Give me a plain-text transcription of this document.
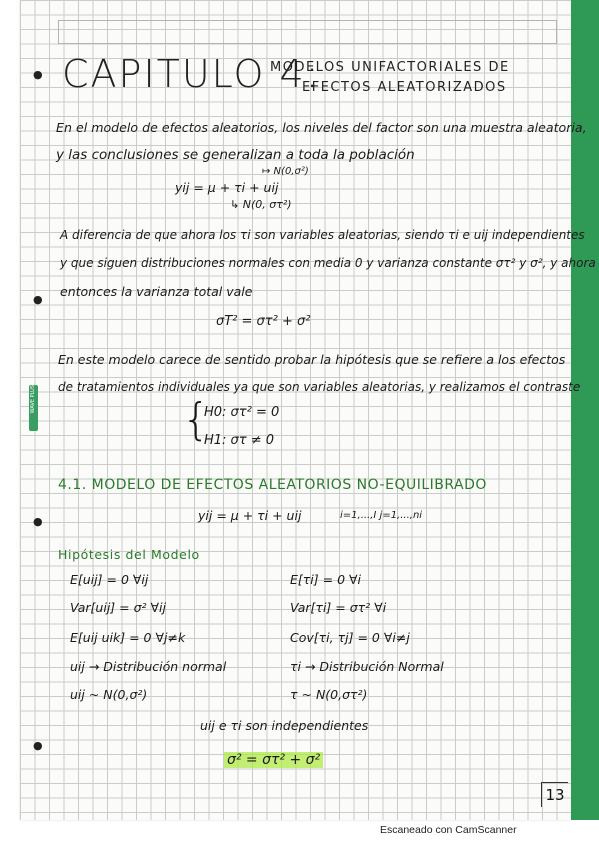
WAVE PLUS
●
●
●
●
CAPITULO 4:
MODELOS UNIFACTORIALES DE
EFECTOS ALEATORIZADOS
En el modelo de efectos aleatorios, los niveles del factor son una muestra aleatoria,
y las conclusiones se generalizan a toda la población
↦ N(0,σ²)
yij = μ + τi + uij
↳ N(0, στ²)
A diferencia de que ahora los τi son variables aleatorias, siendo τi e uij independientes
y que siguen distribuciones normales con media 0 y varianza constante στ² y σ², y ahora
entonces la varianza total vale
σT² = στ² + σ²
En este modelo carece de sentido probar la hipótesis que se refiere a los efectos
de tratamientos individuales ya que son variables aleatorias, y realizamos el contraste
{
H0: στ² = 0
H1: στ ≠ 0
4.1. MODELO DE EFECTOS ALEATORIOS NO-EQUILIBRADO
yij = μ + τi + uij	i=1,...,I j=1,...,ni
Hipótesis del Modelo
E[uij] = 0 ∀ij
Var[uij] = σ² ∀ij
E[uij uik] = 0 ∀j≠k
uij → Distribución normal
uij ~ N(0,σ²)
E[τi] = 0 ∀i
Var[τi] = στ² ∀i
Cov[τi, τj] = 0 ∀i≠j
τi → Distribución Normal
τ ~ N(0,στ²)
uij e τi son independientes
σ² = στ² + σ²
13
Escaneado con CamScanner
